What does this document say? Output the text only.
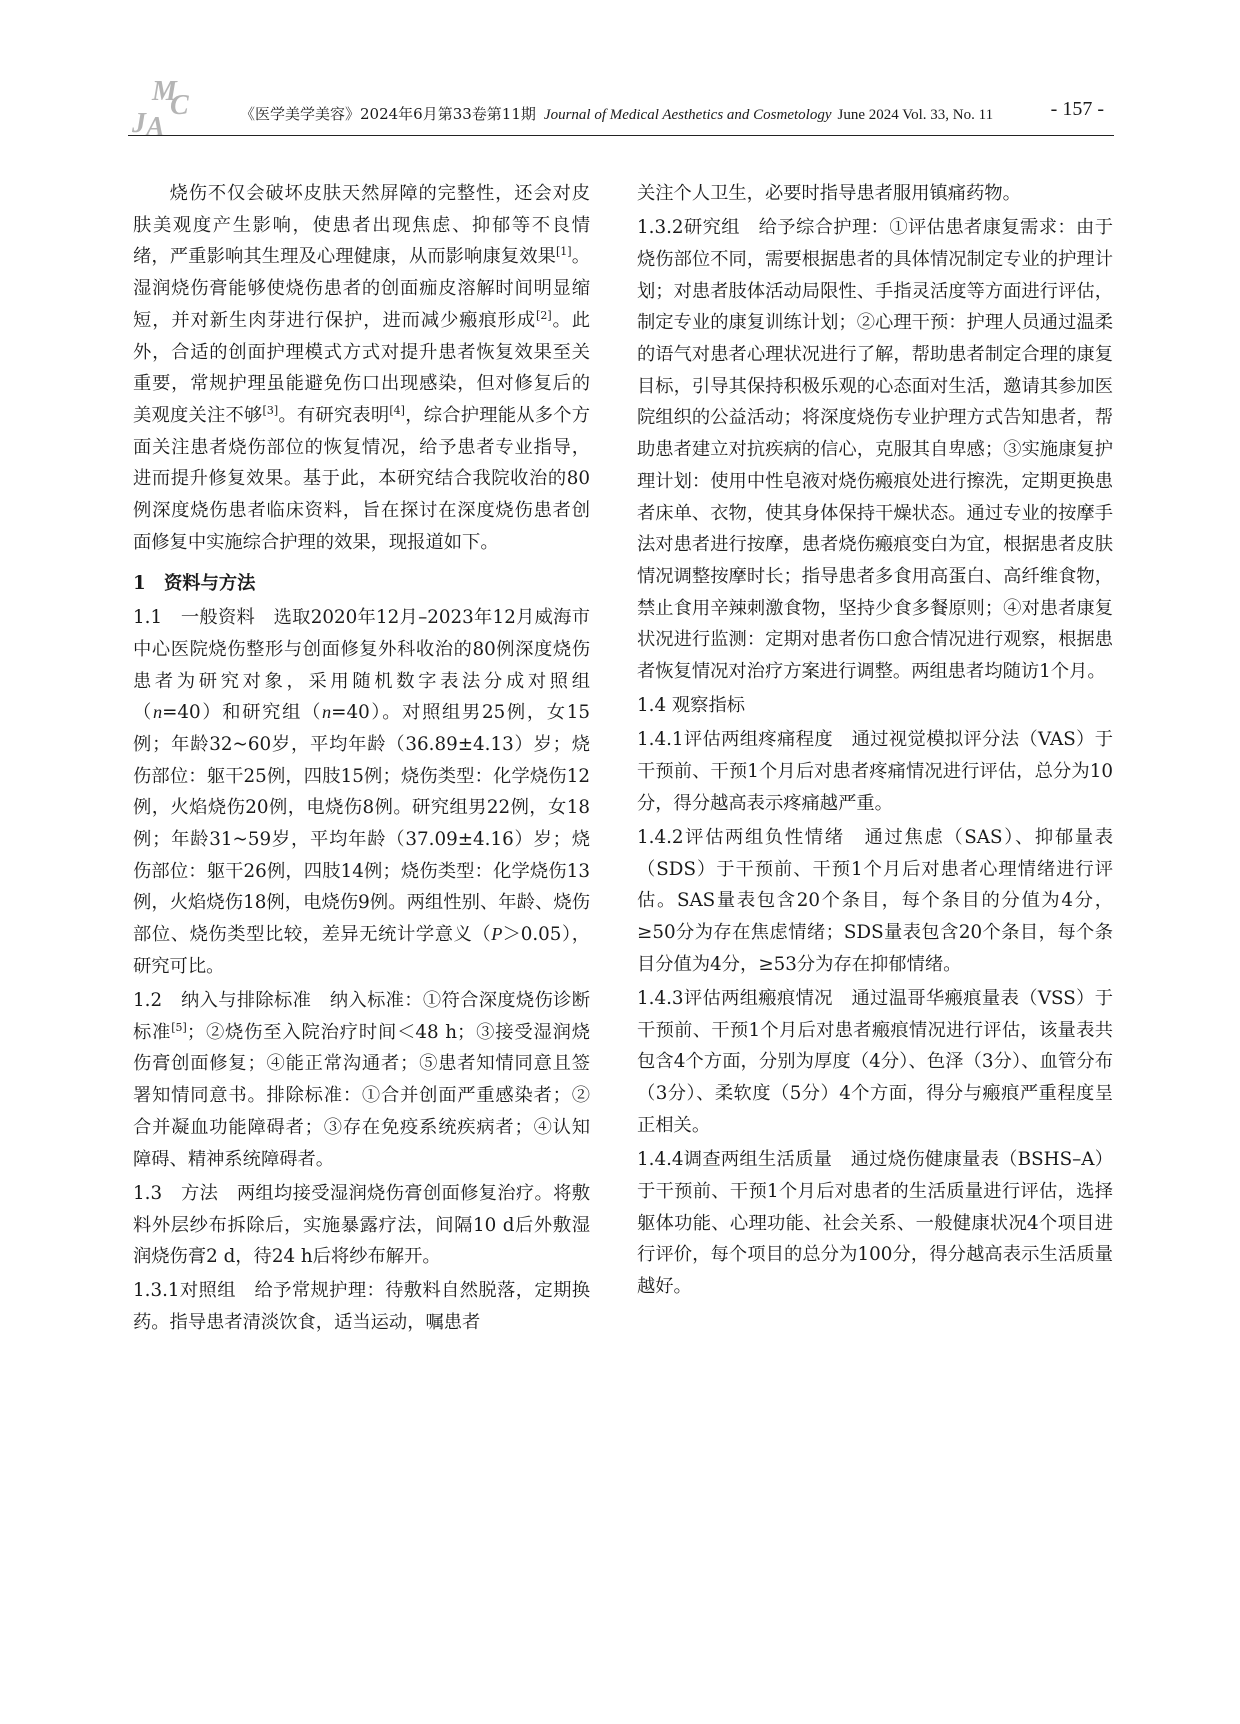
J
M
A
C	《医学美学美容》2024年6月第33卷第11期 Journal of Medical Aesthetics and Cosmetology June 2024 Vol. 33, No. 11	- 157 -

烧伤不仅会破坏皮肤天然屏障的完整性，还会对皮肤美观度产生影响，使患者出现焦虑、抑郁等不良情绪，严重影响其生理及心理健康，从而影响康复效果[1]。湿润烧伤膏能够使烧伤患者的创面痂皮溶解时间明显缩短，并对新生肉芽进行保护，进而减少瘢痕形成[2]。此外，合适的创面护理模式方式对提升患者恢复效果至关重要，常规护理虽能避免伤口出现感染，但对修复后的美观度关注不够[3]。有研究表明[4]，综合护理能从多个方面关注患者烧伤部位的恢复情况，给予患者专业指导，进而提升修复效果。基于此，本研究结合我院收治的80例深度烧伤患者临床资料，旨在探讨在深度烧伤患者创面修复中实施综合护理的效果，现报道如下。

1　资料与方法

1.1　一般资料　选取2020年12月–2023年12月威海市中心医院烧伤整形与创面修复外科收治的80例深度烧伤患者为研究对象，采用随机数字表法分成对照组（n=40）和研究组（n=40）。对照组男25例，女15例；年龄32~60岁，平均年龄（36.89±4.13）岁；烧伤部位：躯干25例，四肢15例；烧伤类型：化学烧伤12例，火焰烧伤20例，电烧伤8例。研究组男22例，女18例；年龄31~59岁，平均年龄（37.09±4.16）岁；烧伤部位：躯干26例，四肢14例；烧伤类型：化学烧伤13例，火焰烧伤18例，电烧伤9例。两组性别、年龄、烧伤部位、烧伤类型比较，差异无统计学意义（P＞0.05），研究可比。

1.2　纳入与排除标准　纳入标准：①符合深度烧伤诊断标准[5]；②烧伤至入院治疗时间＜48 h；③接受湿润烧伤膏创面修复；④能正常沟通者；⑤患者知情同意且签署知情同意书。排除标准：①合并创面严重感染者；②合并凝血功能障碍者；③存在免疫系统疾病者；④认知障碍、精神系统障碍者。

1.3　方法　两组均接受湿润烧伤膏创面修复治疗。将敷料外层纱布拆除后，实施暴露疗法，间隔10 d后外敷湿润烧伤膏2 d，待24 h后将纱布解开。

1.3.1对照组　给予常规护理：待敷料自然脱落，定期换药。指导患者清淡饮食，适当运动，嘱患者

关注个人卫生，必要时指导患者服用镇痛药物。

1.3.2研究组　给予综合护理：①评估患者康复需求：由于烧伤部位不同，需要根据患者的具体情况制定专业的护理计划；对患者肢体活动局限性、手指灵活度等方面进行评估，制定专业的康复训练计划；②心理干预：护理人员通过温柔的语气对患者心理状况进行了解，帮助患者制定合理的康复目标，引导其保持积极乐观的心态面对生活，邀请其参加医院组织的公益活动；将深度烧伤专业护理方式告知患者，帮助患者建立对抗疾病的信心，克服其自卑感；③实施康复护理计划：使用中性皂液对烧伤瘢痕处进行擦洗，定期更换患者床单、衣物，使其身体保持干燥状态。通过专业的按摩手法对患者进行按摩，患者烧伤瘢痕变白为宜，根据患者皮肤情况调整按摩时长；指导患者多食用高蛋白、高纤维食物，禁止食用辛辣刺激食物，坚持少食多餐原则；④对患者康复状况进行监测：定期对患者伤口愈合情况进行观察，根据患者恢复情况对治疗方案进行调整。两组患者均随访1个月。

1.4 观察指标

1.4.1评估两组疼痛程度　通过视觉模拟评分法（VAS）于干预前、干预1个月后对患者疼痛情况进行评估，总分为10分，得分越高表示疼痛越严重。

1.4.2评估两组负性情绪　通过焦虑（SAS）、抑郁量表（SDS）于干预前、干预1个月后对患者心理情绪进行评估。SAS量表包含20个条目，每个条目的分值为4分，≥50分为存在焦虑情绪；SDS量表包含20个条目，每个条目分值为4分，≥53分为存在抑郁情绪。

1.4.3评估两组瘢痕情况　通过温哥华瘢痕量表（VSS）于干预前、干预1个月后对患者瘢痕情况进行评估，该量表共包含4个方面，分别为厚度（4分）、色泽（3分）、血管分布（3分）、柔软度（5分）4个方面，得分与瘢痕严重程度呈正相关。

1.4.4调查两组生活质量　通过烧伤健康量表（BSHS–A）于干预前、干预1个月后对患者的生活质量进行评估，选择躯体功能、心理功能、社会关系、一般健康状况4个项目进行评价，每个项目的总分为100分，得分越高表示生活质量越好。
